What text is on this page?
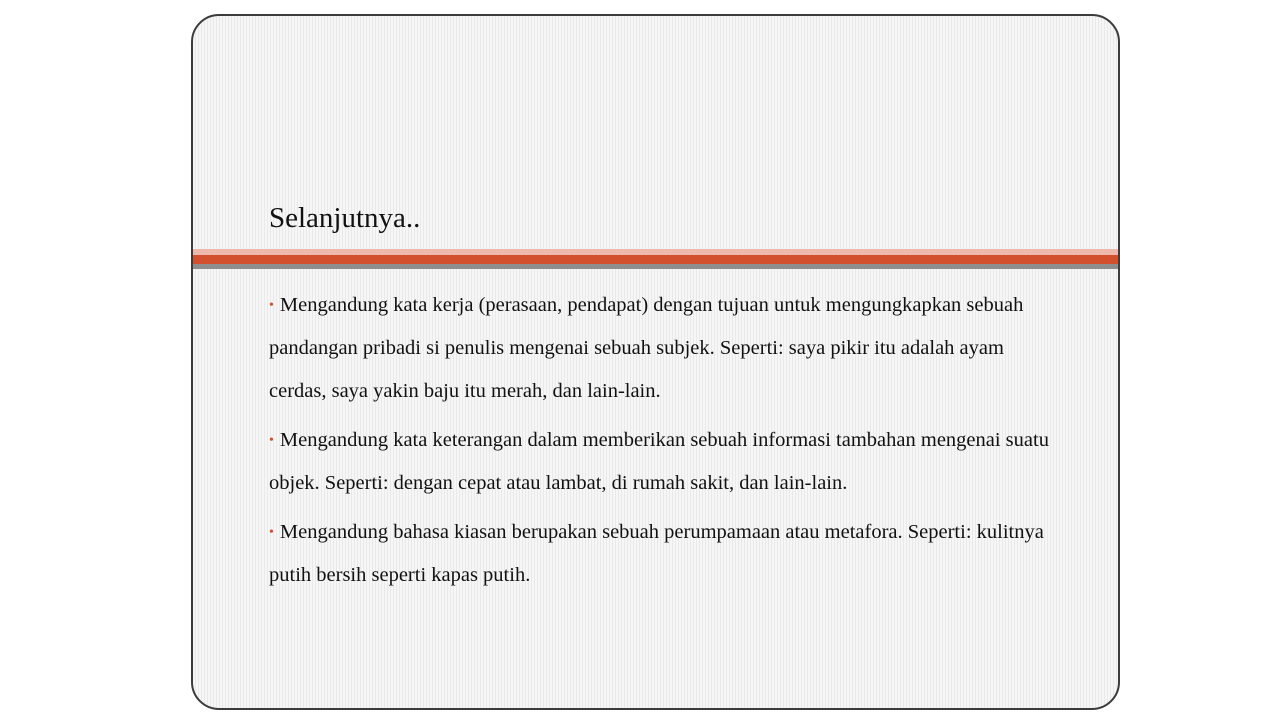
Selanjutnya..

• Mengandung kata kerja (perasaan, pendapat) dengan tujuan untuk mengungkapkan sebuah pandangan pribadi si penulis mengenai sebuah subjek. Seperti: saya pikir itu adalah ayam cerdas, saya yakin baju itu merah, dan lain-lain.

• Mengandung kata keterangan dalam memberikan sebuah informasi tambahan mengenai suatu objek. Seperti: dengan cepat atau lambat, di rumah sakit, dan lain-lain.

• Mengandung bahasa kiasan berupakan sebuah perumpamaan atau metafora. Seperti: kulitnya putih bersih seperti kapas putih.
